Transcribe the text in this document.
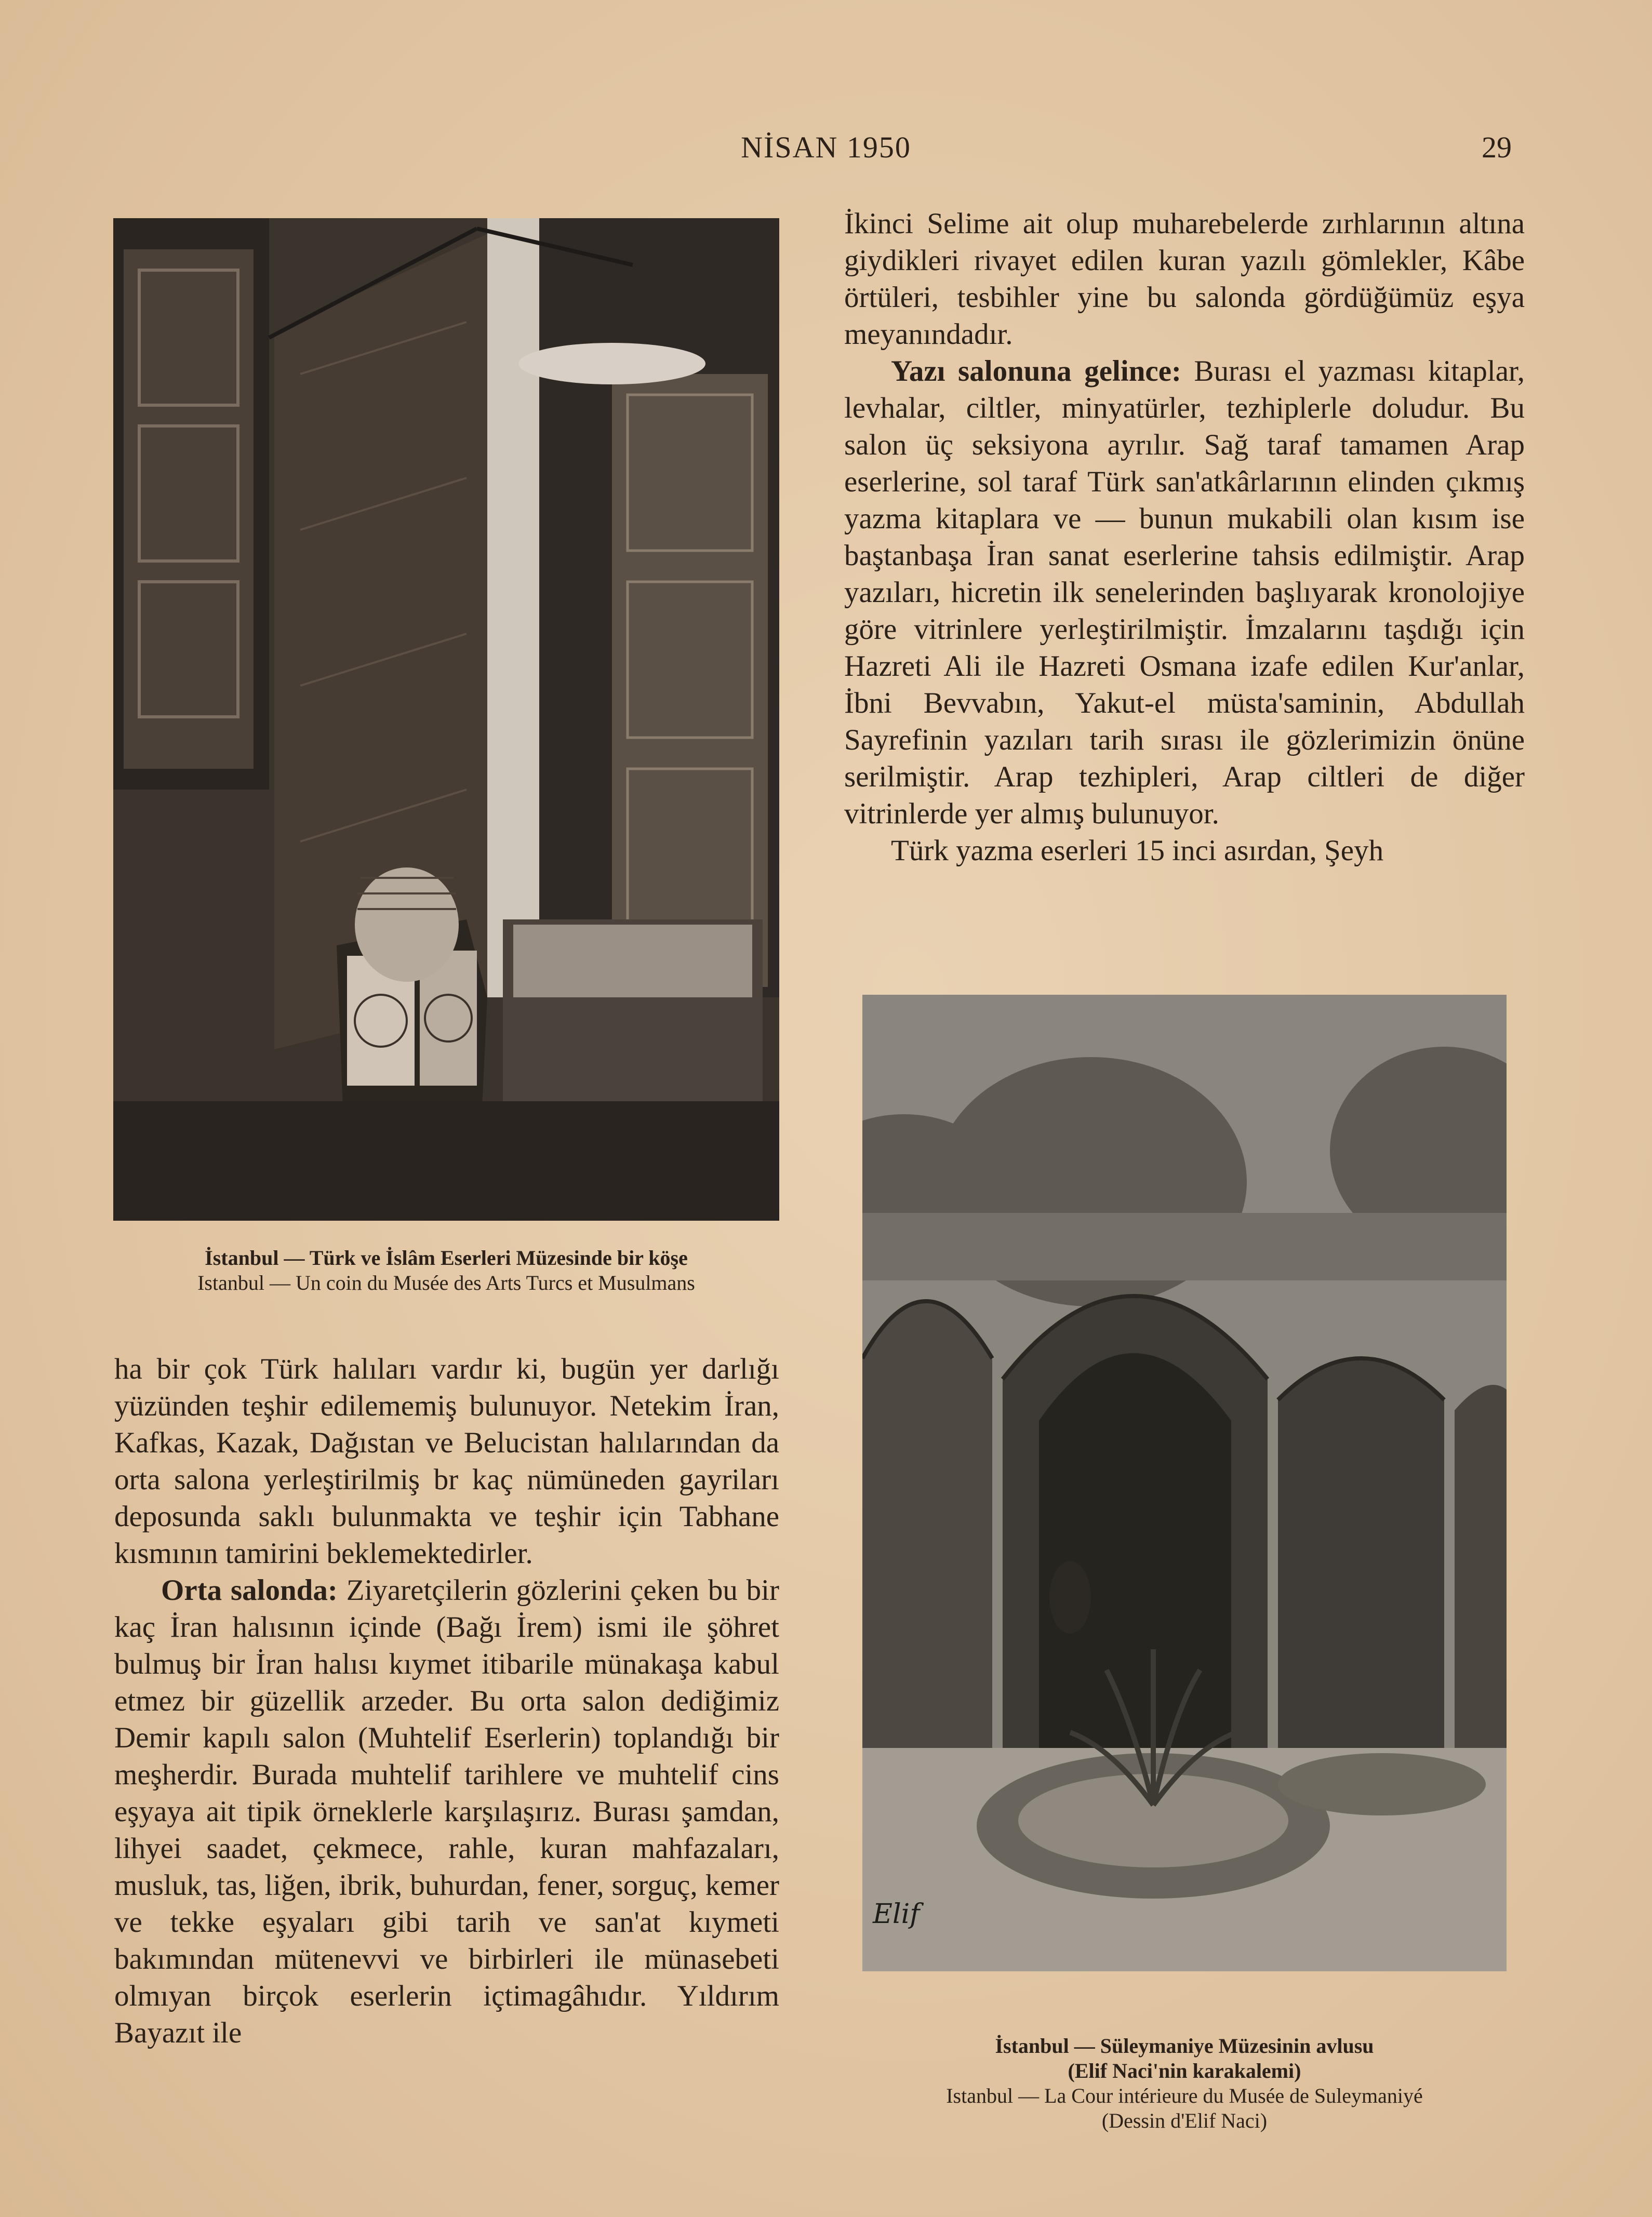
NİSAN 1950	29
İstanbul — Türk ve İslâm Eserleri Müzesinde bir köşe
Istanbul — Un coin du Musée des Arts Turcs et Musulmans

ha bir çok Türk halıları vardır ki, bugün yer darlığı yüzünden teşhir edilememiş bulunuyor. Netekim İran, Kafkas, Kazak, Dağıstan ve Belucistan halılarından da orta salona yerleştirilmiş br kaç nümüneden gayriları deposunda saklı bulunmakta ve teşhir için Tabhane kısmının tamirini beklemektedirler.

Orta salonda: Ziyaretçilerin gözlerini çeken bu bir kaç İran halısının içinde (Bağı İrem) ismi ile şöhret bulmuş bir İran halısı kıymet itibarile münakaşa kabul etmez bir güzellik arzeder. Bu orta salon dediğimiz Demir kapılı salon (Muhtelif Eserlerin) toplandığı bir meşherdir. Burada muhtelif tarihlere ve muhtelif cins eşyaya ait tipik örneklerle karşılaşırız. Burası şamdan, lihyei saadet, çekmece, rahle, kuran mahfazaları, musluk, tas, liğen, ibrik, buhurdan, fener, sorguç, kemer ve tekke eşyaları gibi tarih ve san'at kıymeti bakımından mütenevvi ve birbirleri ile münasebeti olmıyan birçok eserlerin içtimagâhıdır. Yıldırım Bayazıt ile

İkinci Selime ait olup muharebelerde zırhlarının altına giydikleri rivayet edilen kuran yazılı gömlekler, Kâbe örtüleri, tesbihler yine bu salonda gördüğümüz eşya meyanındadır.

Yazı salonuna gelince: Burası el yazması kitaplar, levhalar, ciltler, minyatürler, tezhiplerle doludur. Bu salon üç seksiyona ayrılır. Sağ taraf tamamen Arap eserlerine, sol taraf Türk san'atkârlarının elinden çıkmış yazma kitaplara ve — bunun mukabili olan kısım ise baştanbaşa İran sanat eserlerine tahsis edilmiştir. Arap yazıları, hicretin ilk senelerinden başlıyarak kronolojiye göre vitrinlere yerleştirilmiştir. İmzalarını taşdığı için Hazreti Ali ile Hazreti Osmana izafe edilen Kur'anlar, İbni Bevvabın, Yakut-el müsta'saminin, Abdullah Sayrefinin yazıları tarih sırası ile gözlerimizin önüne serilmiştir. Arap tezhipleri, Arap ciltleri de diğer vitrinlerde yer almış bulunuyor.

Türk yazma eserleri 15 inci asırdan, Şeyh

Elif
İstanbul — Süleymaniye Müzesinin avlusu
(Elif Naci'nin karakalemi)
Istanbul — La Cour intérieure du Musée de Suleymaniyé
(Dessin d'Elif Naci)
